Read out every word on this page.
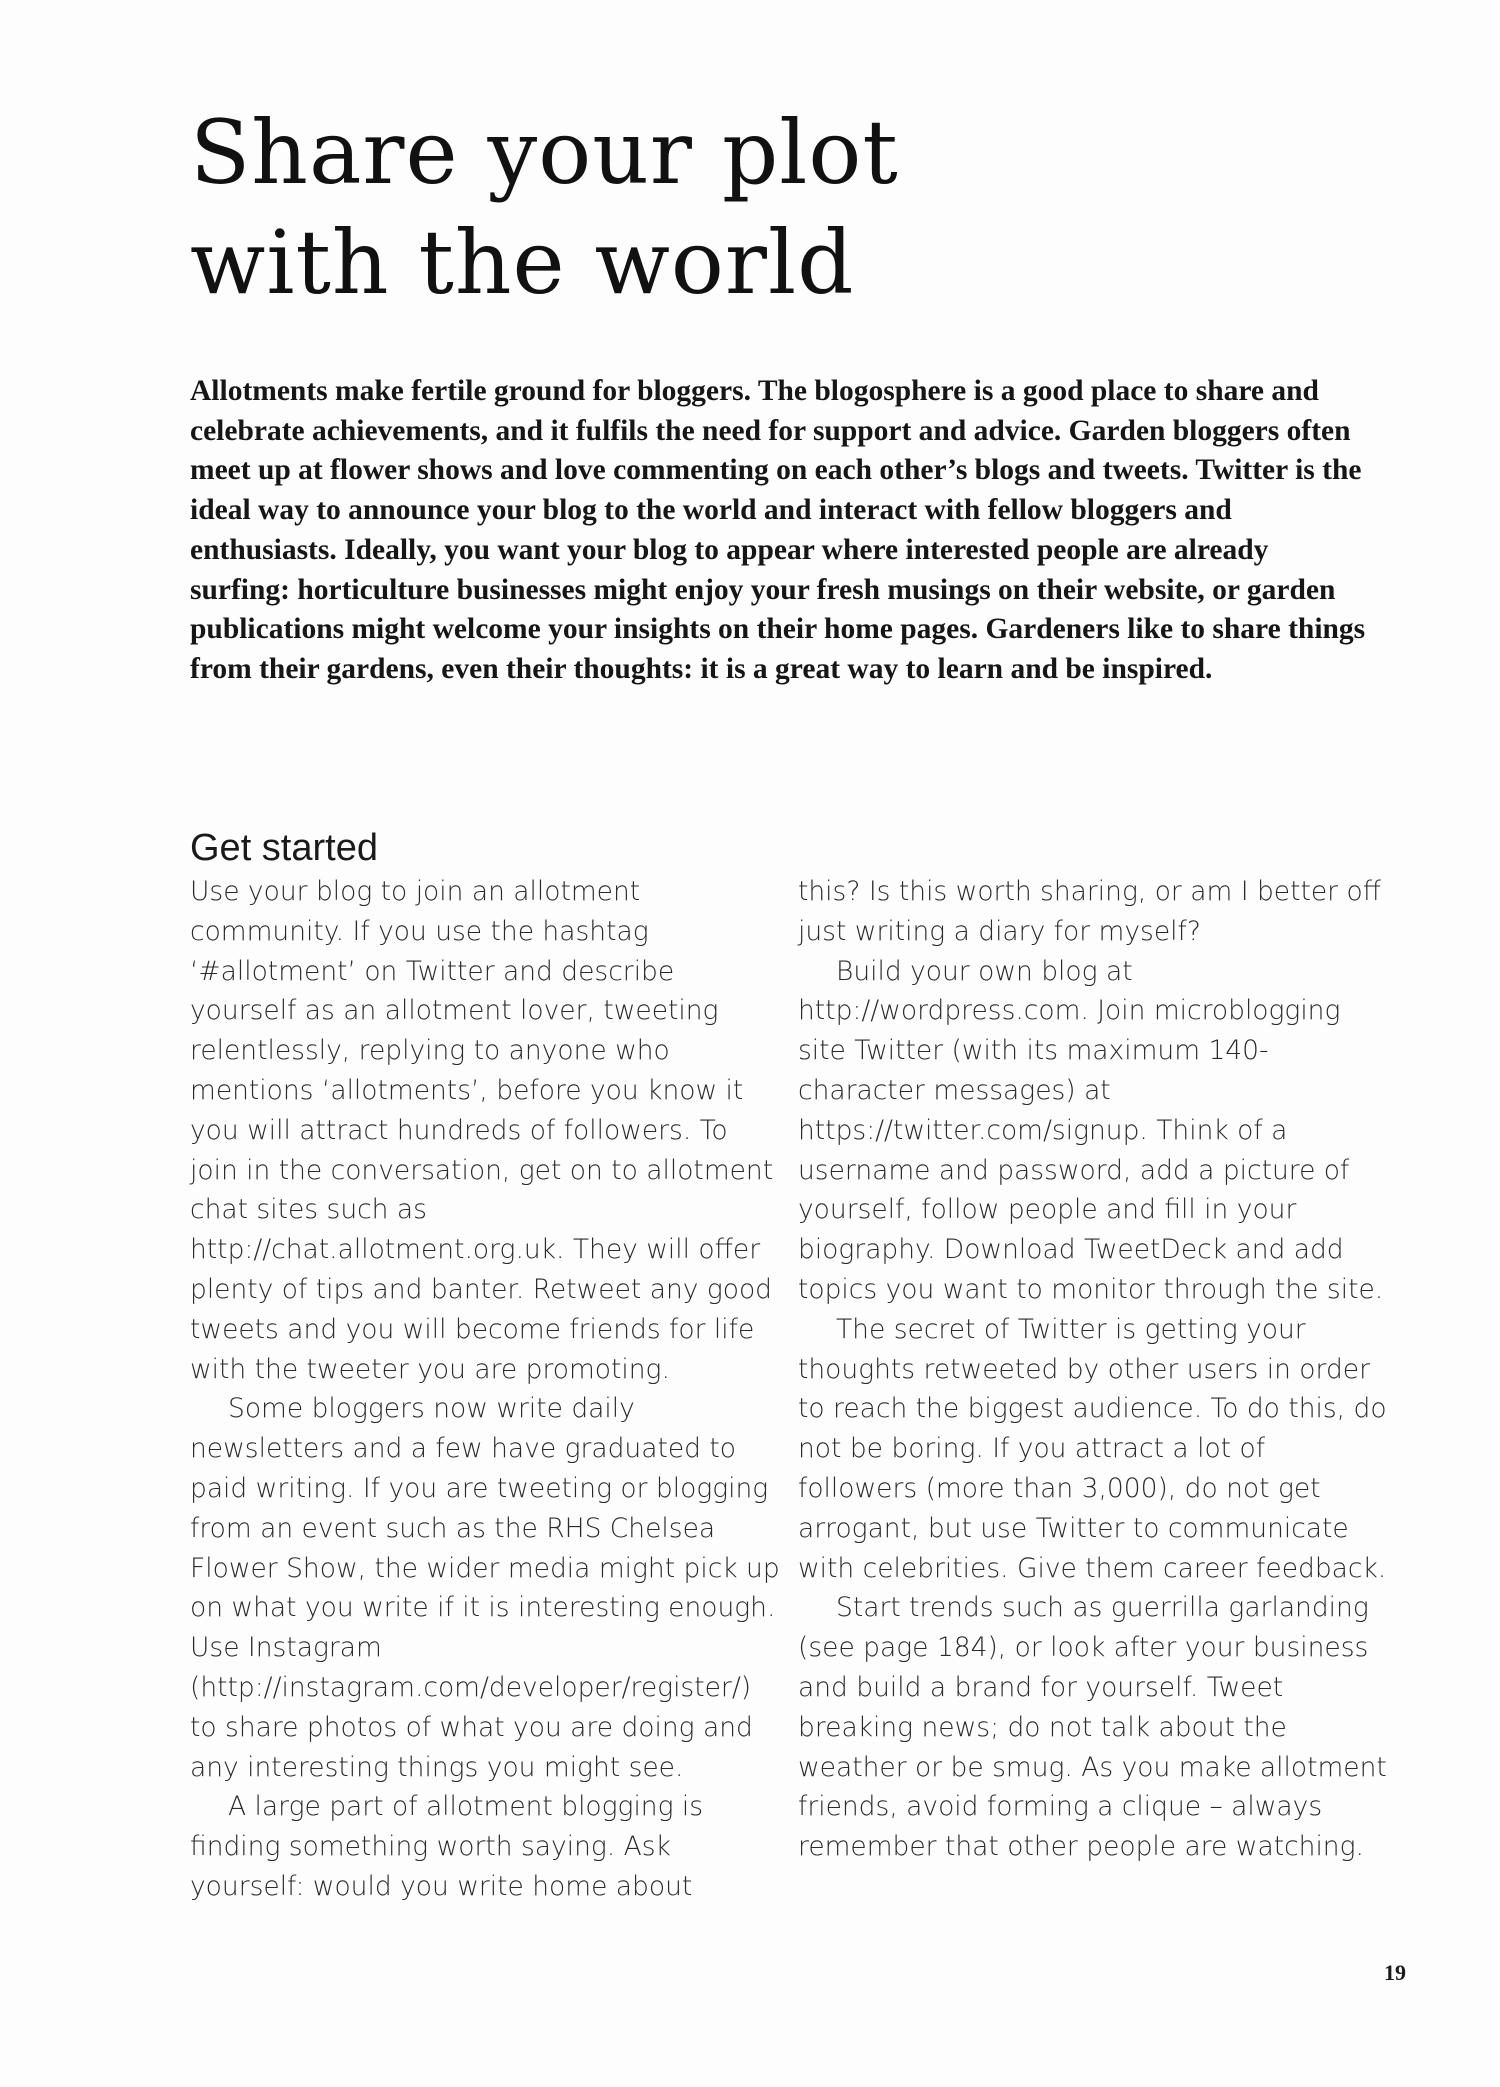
Share your plot
with the world

Allotments make fertile ground for bloggers. The blogosphere is a good place to share and celebrate achievements, and it fulfils the need for support and advice. Garden bloggers often meet up at flower shows and love commenting on each other’s blogs and tweets. Twitter is the ideal way to announce your blog to the world and interact with fellow bloggers and enthusiasts. Ideally, you want your blog to appear where interested people are already surfing: horticulture businesses might enjoy your fresh musings on their website, or garden publications might welcome your insights on their home pages. Gardeners like to share things from their gardens, even their thoughts: it is a great way to learn and be inspired.

Get started

Use your blog to join an allotment community. If you use the hashtag ‘#allotment’ on Twitter and describe yourself as an allotment lover, tweeting relentlessly, replying to anyone who mentions ‘allotments’, before you know it you will attract hundreds of followers. To join in the conversation, get on to allotment chat sites such as http://chat.allotment.org.uk. They will offer plenty of tips and banter. Retweet any good tweets and you will become friends for life with the tweeter you are promoting.

Some bloggers now write daily newsletters and a few have graduated to paid writing. If you are tweeting or blogging from an event such as the RHS Chelsea Flower Show, the wider media might pick up on what you write if it is interesting enough. Use Instagram (http://instagram.com/developer/register/) to share photos of what you are doing and any interesting things you might see.

A large part of allotment blogging is finding something worth saying. Ask yourself: would you write home about

this? Is this worth sharing, or am I better off just writing a diary for myself?

Build your own blog at http://wordpress.com. Join microblogging site Twitter (with its maximum 140-character messages) at https://twitter.com/signup. Think of a username and password, add a picture of yourself, follow people and fill in your biography. Download TweetDeck and add topics you want to monitor through the site.

The secret of Twitter is getting your thoughts retweeted by other users in order to reach the biggest audience. To do this, do not be boring. If you attract a lot of followers (more than 3,000), do not get arrogant, but use Twitter to communicate with celebrities. Give them career feedback.

Start trends such as guerrilla garlanding (see page 184), or look after your business and build a brand for yourself. Tweet breaking news; do not talk about the weather or be smug. As you make allotment friends, avoid forming a clique – always remember that other people are watching.

19
